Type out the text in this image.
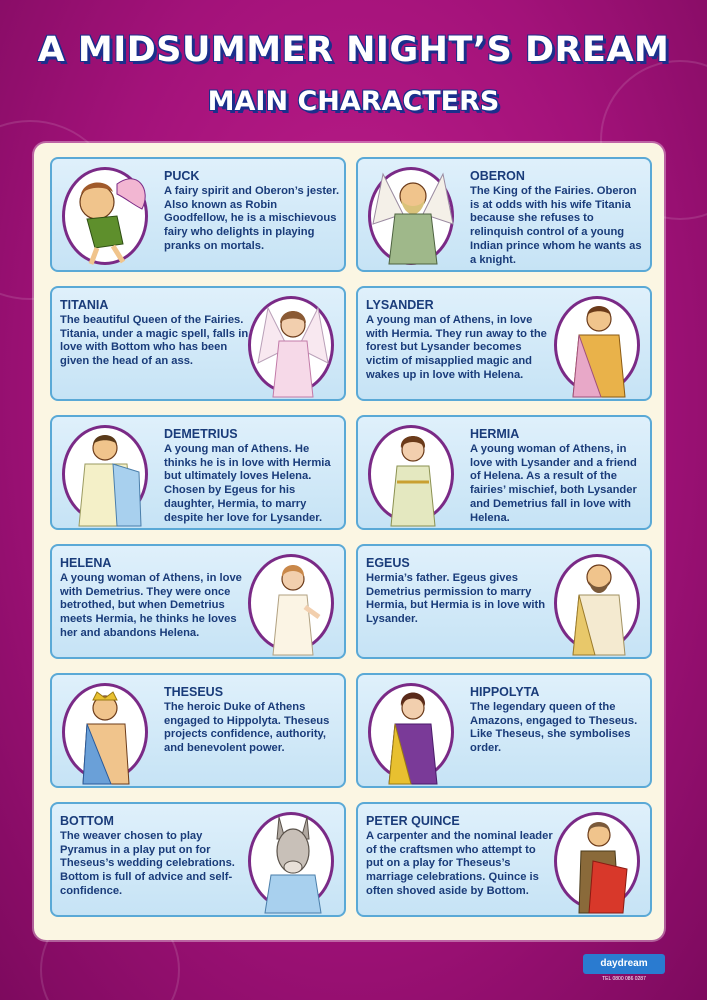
A MIDSUMMER NIGHT’S DREAM
MAIN CHARACTERS
PUCK

A fairy spirit and Oberon’s jester. Also known as Robin Goodfellow, he is a mischievous fairy who delights in playing pranks on mortals.

OBERON

The King of the Fairies. Oberon is at odds with his wife Titania because she refuses to relinquish control of a young Indian prince whom he wants as a knight.

TITANIA

The beautiful Queen of the Fairies. Titania, under a magic spell, falls in love with Bottom who has been given the head of an ass.

LYSANDER

A young man of Athens, in love with Hermia. They run away to the forest but Lysander becomes victim of misapplied magic and wakes up in love with Helena.

DEMETRIUS

A young man of Athens. He thinks he is in love with Hermia but ultimately loves Helena. Chosen by Egeus for his daughter, Hermia, to marry despite her love for Lysander.

HERMIA

A young woman of Athens, in love with Lysander and a friend of Helena. As a result of the fairies’ mischief, both Lysander and Demetrius fall in love with Helena.

HELENA

A young woman of Athens, in love with Demetrius. They were once betrothed, but when Demetrius meets Hermia, he thinks he loves her and abandons Helena.

EGEUS

Hermia’s father. Egeus gives Demetrius permission to marry Hermia, but Hermia is in love with Lysander.

THESEUS

The heroic Duke of Athens engaged to Hippolyta. Theseus projects confidence, authority, and benevolent power.

HIPPOLYTA

The legendary queen of the Amazons, engaged to Theseus. Like Theseus, she symbolises order.

BOTTOM

The weaver chosen to play Pyramus in a play put on for Theseus’s wedding celebrations. Bottom is full of advice and self-confidence.

PETER QUINCE

A carpenter and the nominal leader of the craftsmen who attempt to put on a play for Theseus’s marriage celebrations. Quince is often shoved aside by Bottom.

daydream
TEL 0800 086 0287
